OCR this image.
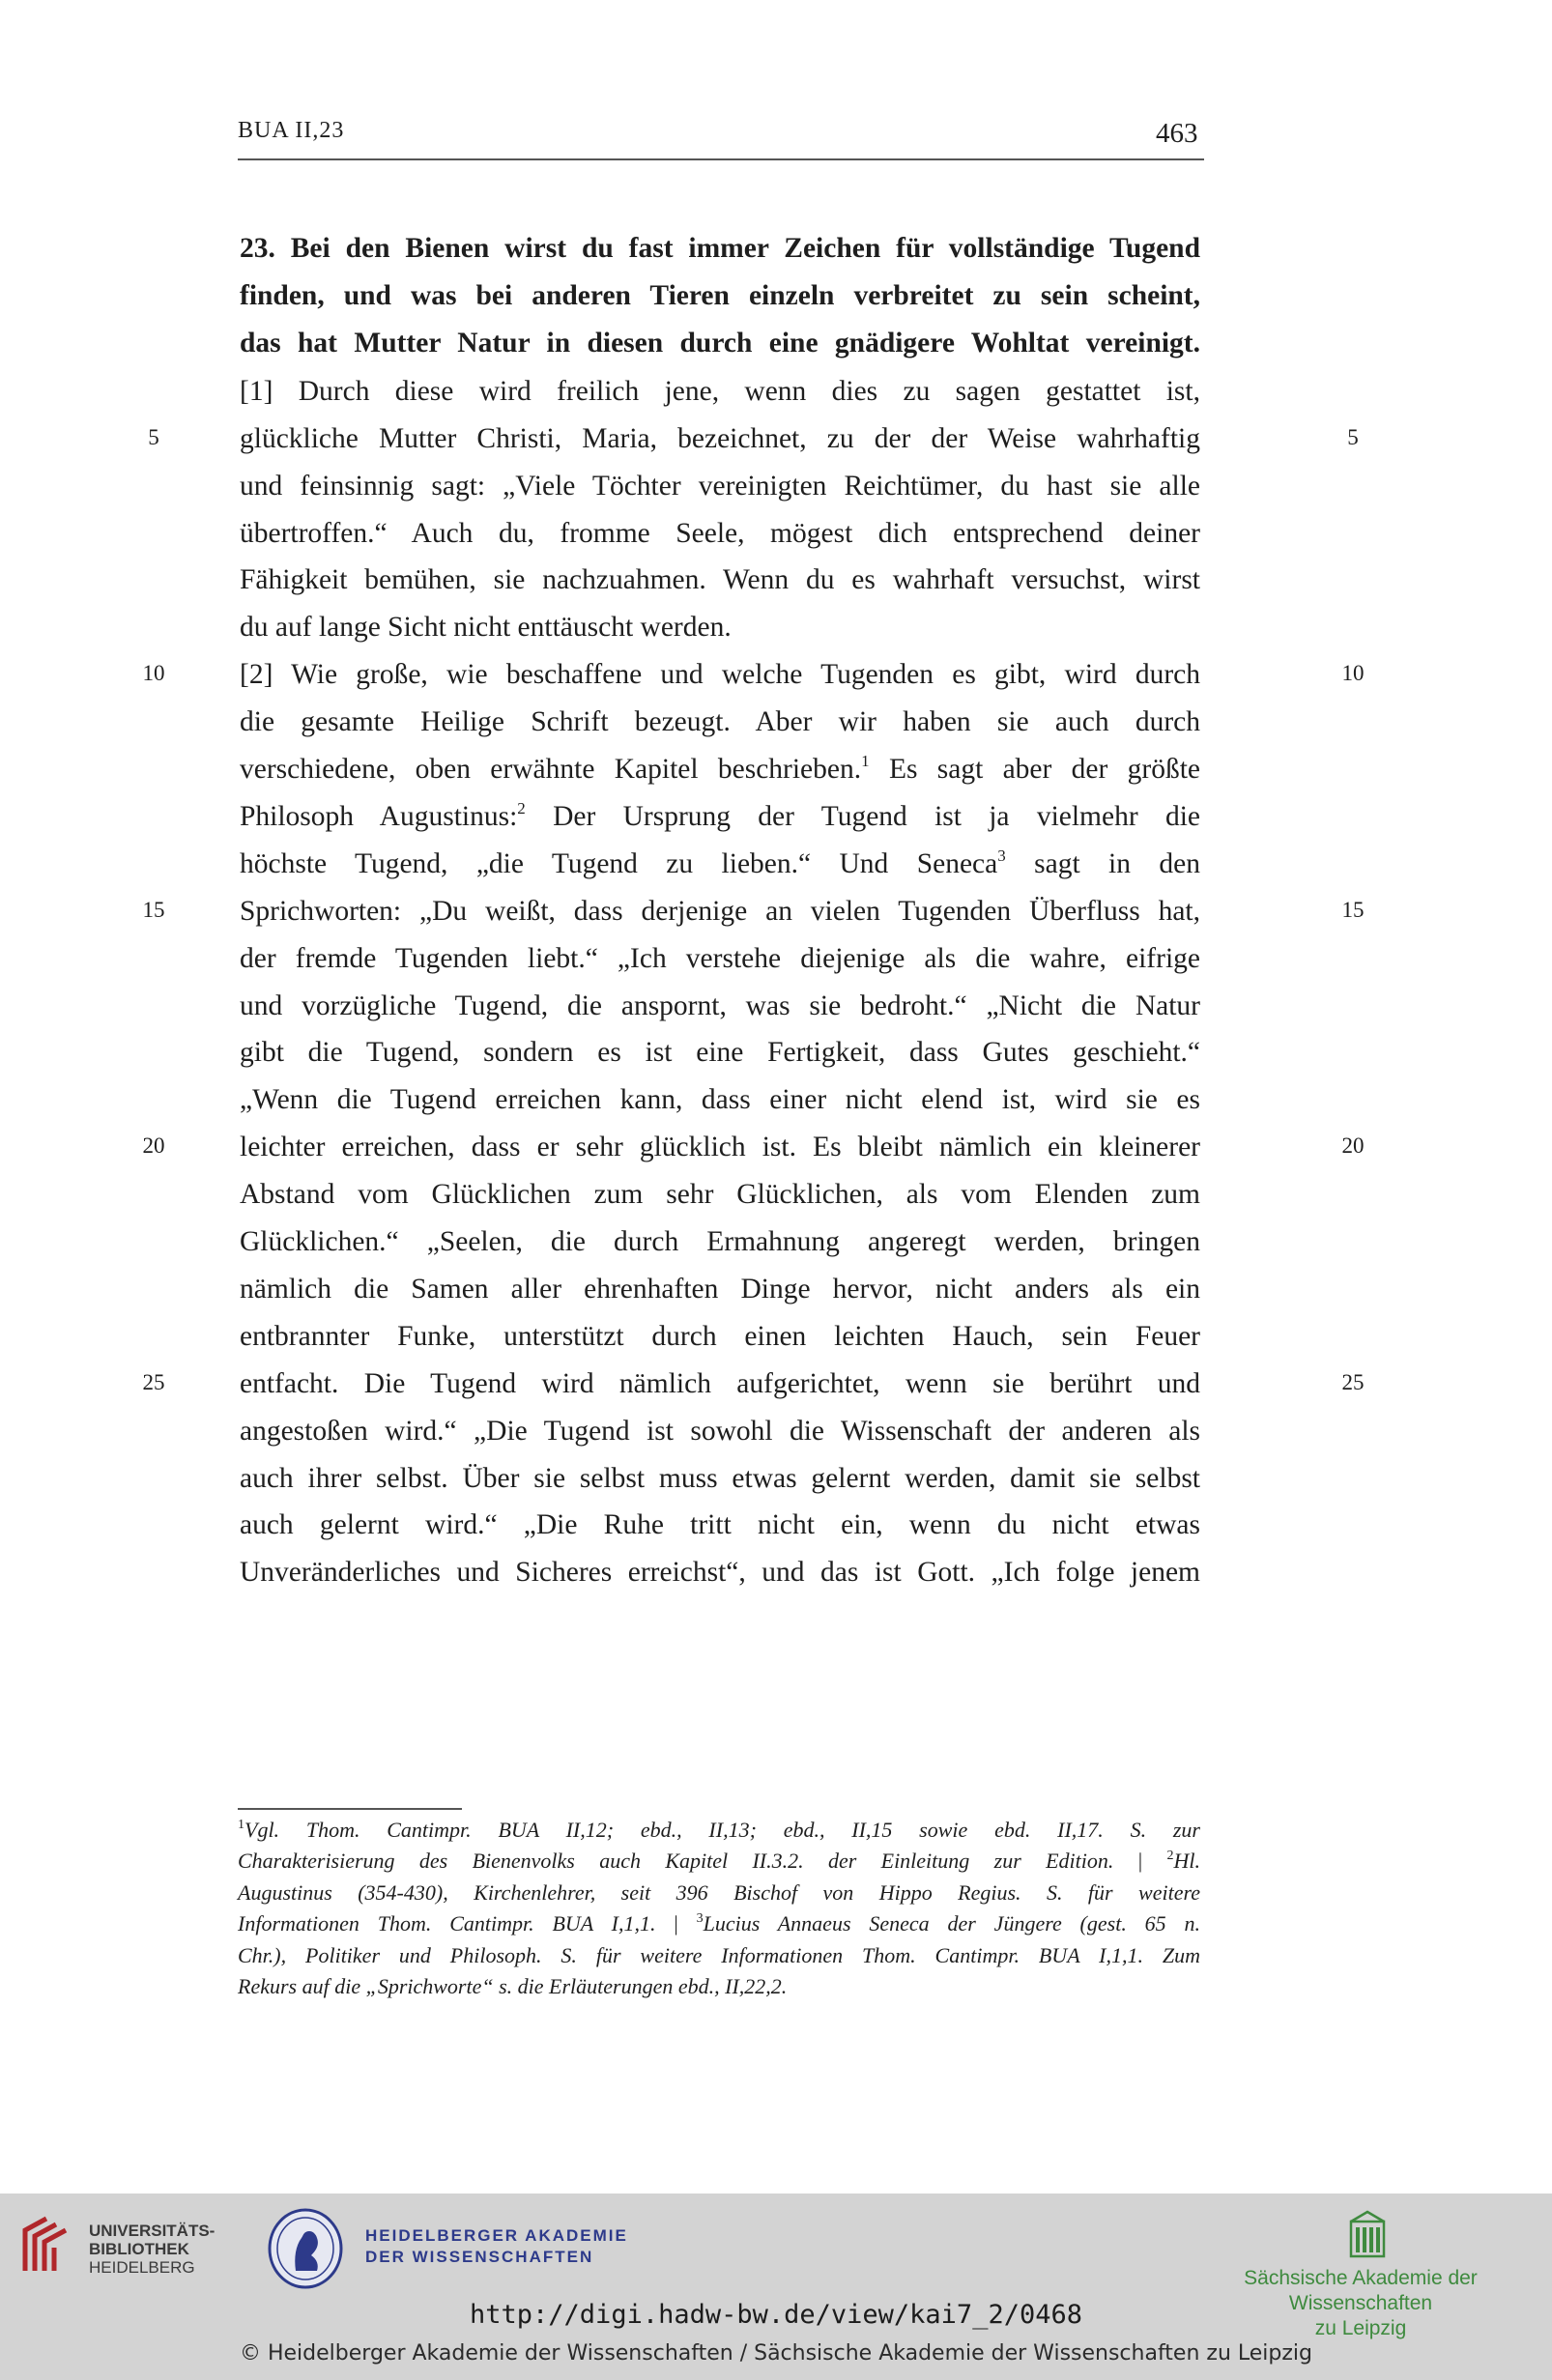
BUA II,23	463
23. Bei den Bienen wirst du fast immer Zeichen für vollständige Tugend
finden, und was bei anderen Tieren einzeln verbreitet zu sein scheint,
das hat Mutter Natur in diesen durch eine gnädigere Wohltat vereinigt.
[1] Durch diese wird freilich jene, wenn dies zu sagen gestattet ist,
glückliche Mutter Christi, Maria, bezeichnet, zu der der Weise wahrhaftig
und feinsinnig sagt: „Viele Töchter vereinigten Reichtümer, du hast sie alle
übertroffen.“ Auch du, fromme Seele, mögest dich entsprechend deiner
Fähigkeit bemühen, sie nachzuahmen. Wenn du es wahrhaft versuchst, wirst
du auf lange Sicht nicht enttäuscht werden.
[2] Wie große, wie beschaffene und welche Tugenden es gibt, wird durch
die gesamte Heilige Schrift bezeugt. Aber wir haben sie auch durch
verschiedene, oben erwähnte Kapitel beschrieben.$^1$ Es sagt aber der größte
Philosoph Augustinus:$^2$ Der Ursprung der Tugend ist ja vielmehr die
höchste Tugend, „die Tugend zu lieben.“ Und Seneca$^3$ sagt in den
Sprichworten: „Du weißt, dass derjenige an vielen Tugenden Überfluss hat,
der fremde Tugenden liebt.“ „Ich verstehe diejenige als die wahre, eifrige
und vorzügliche Tugend, die anspornt, was sie bedroht.“ „Nicht die Natur
gibt die Tugend, sondern es ist eine Fertigkeit, dass Gutes geschieht.“
„Wenn die Tugend erreichen kann, dass einer nicht elend ist, wird sie es
leichter erreichen, dass er sehr glücklich ist. Es bleibt nämlich ein kleinerer
Abstand vom Glücklichen zum sehr Glücklichen, als vom Elenden zum
Glücklichen.“ „Seelen, die durch Ermahnung angeregt werden, bringen
nämlich die Samen aller ehrenhaften Dinge hervor, nicht anders als ein
entbrannter Funke, unterstützt durch einen leichten Hauch, sein Feuer
entfacht. Die Tugend wird nämlich aufgerichtet, wenn sie berührt und
angestoßen wird.“ „Die Tugend ist sowohl die Wissenschaft der anderen als
auch ihrer selbst. Über sie selbst muss etwas gelernt werden, damit sie selbst
auch gelernt wird.“ „Die Ruhe tritt nicht ein, wenn du nicht etwas
Unveränderliches und Sicheres erreichst“, und das ist Gott. „Ich folge jenem
5
10
15
20
25
5
10
15
20
25
$^1$Vgl. Thom. Cantimpr. BUA II,12; ebd., II,13; ebd., II,15 sowie ebd. II,17. S. zur
Charakterisierung des Bienenvolks auch Kapitel II.3.2. der Einleitung zur Edition. | $^2$Hl.
Augustinus (354-430), Kirchenlehrer, seit 396 Bischof von Hippo Regius. S. für weitere
Informationen Thom. Cantimpr. BUA I,1,1. | $^3$Lucius Annaeus Seneca der Jüngere (gest. 65 n.
Chr.), Politiker und Philosoph. S. für weitere Informationen Thom. Cantimpr. BUA I,1,1. Zum
Rekurs auf die „Sprichworte“ s. die Erläuterungen ebd., II,22,2.
UNIVERSITÄTS-
BIBLIOTHEK
HEIDELBERG
HEIDELBERGER AKADEMIE
DER WISSENSCHAFTEN
Sächsische Akademie der Wissenschaften
zu Leipzig
http://digi.hadw-bw.de/view/kai7_2/0468
© Heidelberger Akademie der Wissenschaften / Sächsische Akademie der Wissenschaften zu Leipzig
